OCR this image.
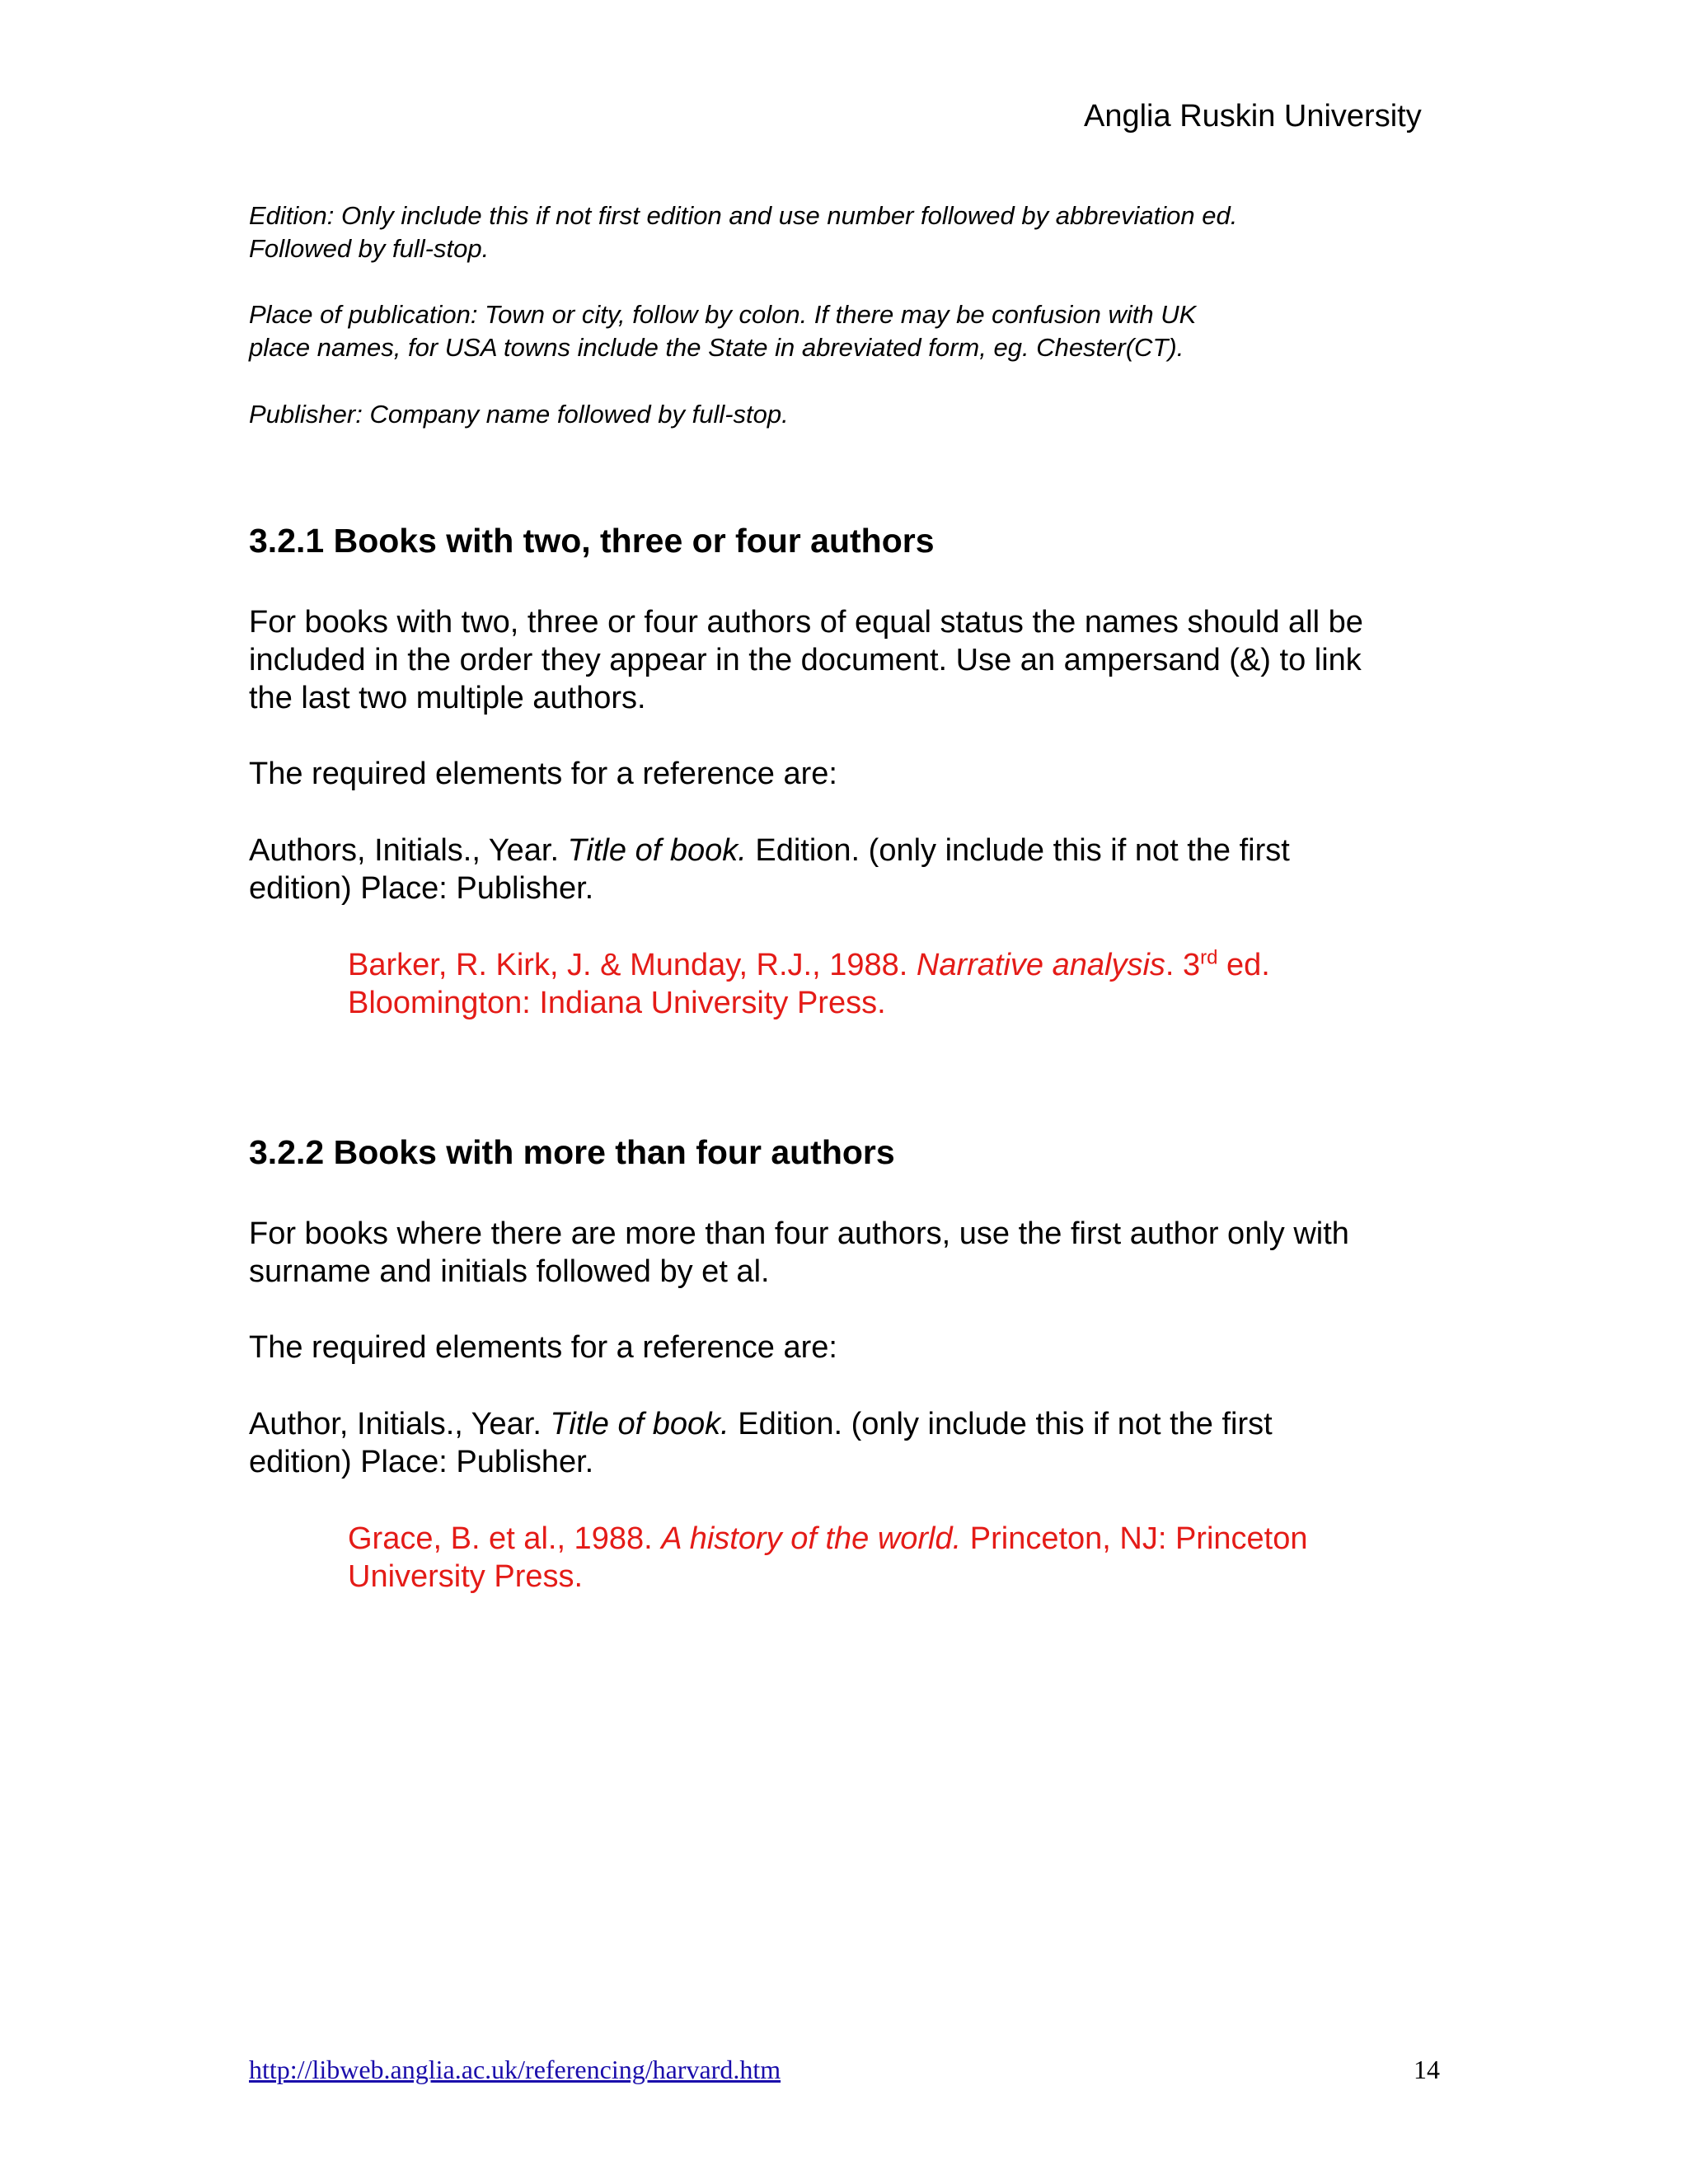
Anglia Ruskin University
Edition: Only include this if not first edition and use number followed by abbreviation ed.
Followed by full-stop.
Place of publication: Town or city, follow by colon. If there may be confusion with UK
place names, for USA towns include the State in abreviated form, eg. Chester(CT).
Publisher: Company name followed by full-stop.
3.2.1 Books with two, three or four authors
For books with two, three or four authors of equal status the names should all be
included in the order they appear in the document. Use an ampersand (&) to link
the last two multiple authors.
The required elements for a reference are:
Authors, Initials., Year. Title of book. Edition. (only include this if not the first
edition) Place: Publisher.
Barker, R. Kirk, J. & Munday, R.J., 1988. Narrative analysis. 3rd ed.
Bloomington: Indiana University Press.
3.2.2 Books with more than four authors
For books where there are more than four authors, use the first author only with
surname and initials followed by et al.
The required elements for a reference are:
Author, Initials., Year. Title of book. Edition. (only include this if not the first
edition) Place: Publisher.
Grace, B. et al., 1988. A history of the world. Princeton, NJ: Princeton
University Press.
http://libweb.anglia.ac.uk/referencing/harvard.htm	14
